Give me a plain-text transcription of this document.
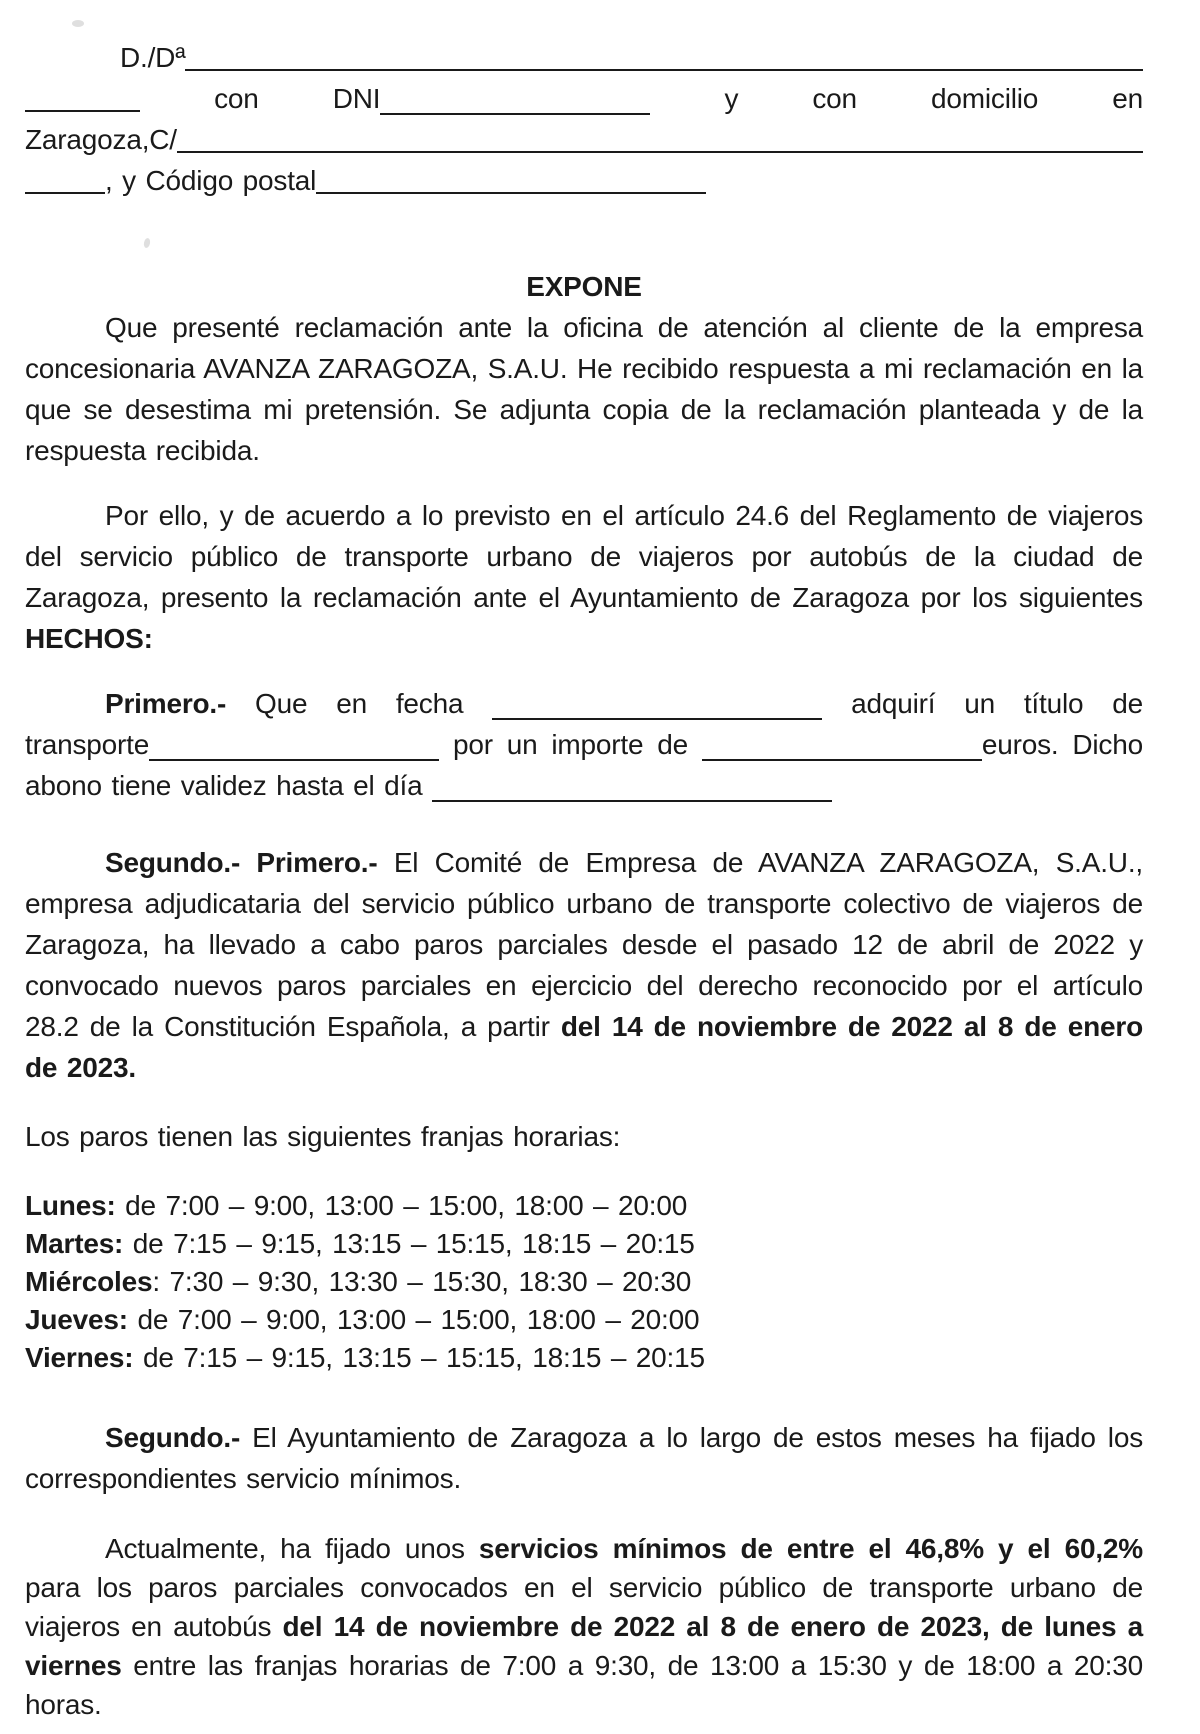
D./Dª
con	DNI	y	con	domicilio	en
Zaragoza,C/
, y Código postal
EXPONE

Que presenté reclamación ante la oficina de atención al cliente de la empresa concesionaria AVANZA ZARAGOZA, S.A.U. He recibido respuesta a mi reclamación en la que se desestima mi pretensión. Se adjunta copia de la reclamación planteada y de la respuesta recibida.

Por ello, y de acuerdo a lo previsto en el artículo 24.6 del Reglamento de viajeros del servicio público de transporte urbano de viajeros por autobús de la ciudad de Zaragoza, presento la reclamación ante el Ayuntamiento de Zaragoza por los siguientes HECHOS:

Primero.- Que en fecha	adquirí un título de transporte	por un importe de	euros. Dicho abono tiene validez hasta el día

Segundo.- Primero.- El Comité de Empresa de AVANZA ZARAGOZA, S.A.U., empresa adjudicataria del servicio público urbano de transporte colectivo de viajeros de Zaragoza, ha llevado a cabo paros parciales desde el pasado 12 de abril de 2022 y convocado nuevos paros parciales en ejercicio del derecho reconocido por el artículo 28.2 de la Constitución Española, a partir del 14 de noviembre de 2022 al 8 de enero de 2023.

Los paros tienen las siguientes franjas horarias:

Lunes: de 7:00 – 9:00, 13:00 – 15:00, 18:00 – 20:00
Martes: de 7:15 – 9:15, 13:15 – 15:15, 18:15 – 20:15
Miércoles: 7:30 – 9:30, 13:30 – 15:30, 18:30 – 20:30
Jueves: de 7:00 – 9:00, 13:00 – 15:00, 18:00 – 20:00
Viernes: de 7:15 – 9:15, 13:15 – 15:15, 18:15 – 20:15

Segundo.- El Ayuntamiento de Zaragoza a lo largo de estos meses ha fijado los correspondientes servicio mínimos.

Actualmente, ha fijado unos servicios mínimos de entre el 46,8% y el 60,2% para los paros parciales convocados en el servicio público de transporte urbano de viajeros en autobús del 14 de noviembre de 2022 al 8 de enero de 2023, de lunes a viernes entre las franjas horarias de 7:00 a 9:30, de 13:00 a 15:30 y de 18:00 a 20:30 horas.
